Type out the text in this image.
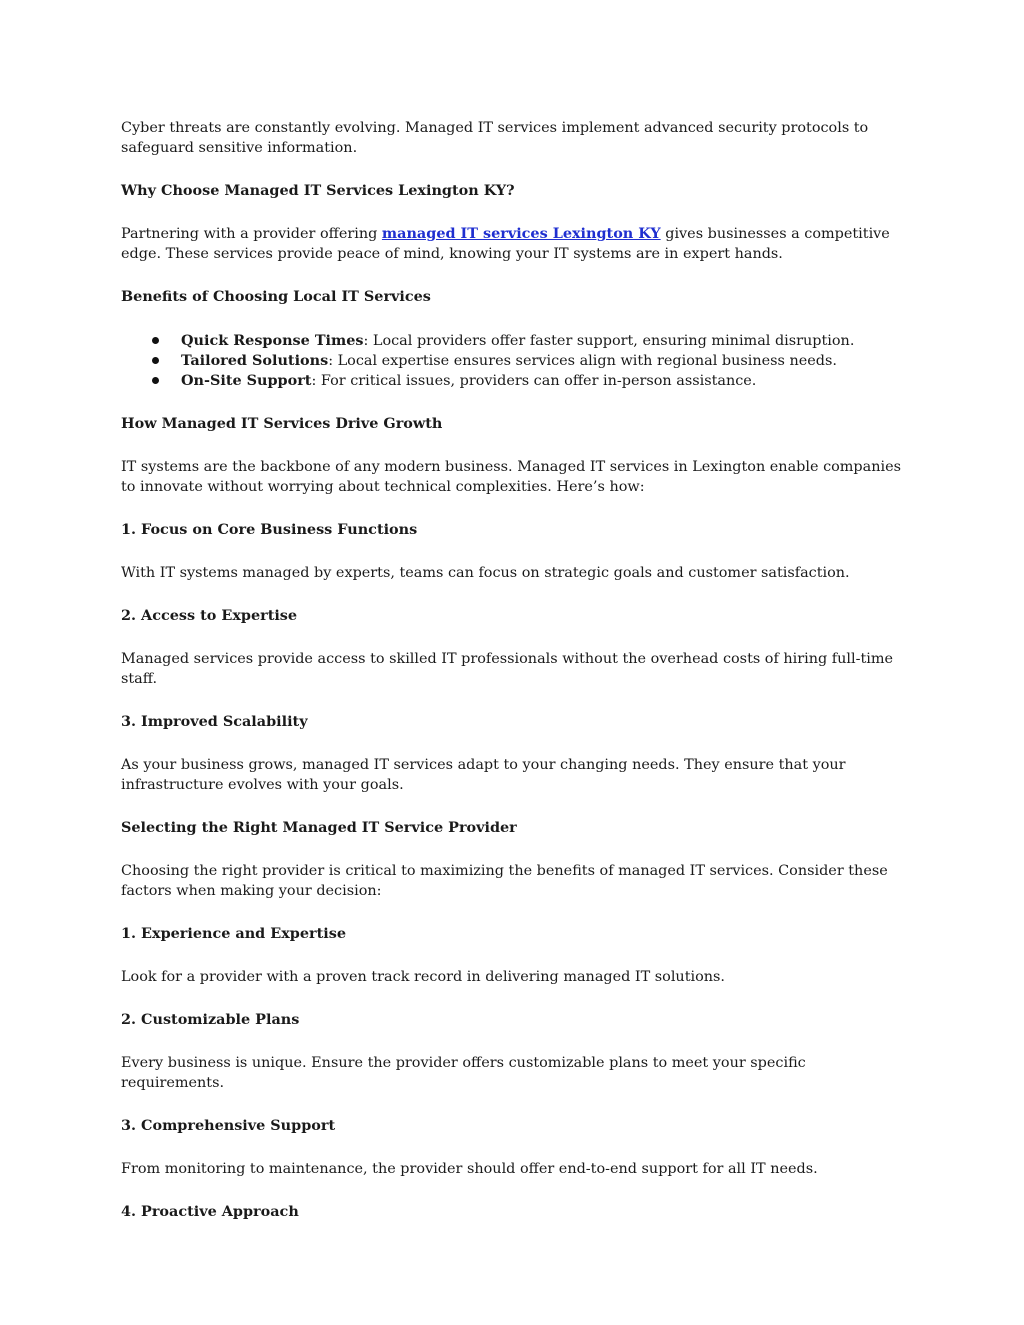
Cyber threats are constantly evolving. Managed IT services implement advanced security protocols to safeguard sensitive information.

Why Choose Managed IT Services Lexington KY?

Partnering with a provider offering managed IT services Lexington KY gives businesses a competitive edge. These services provide peace of mind, knowing your IT systems are in expert hands.

Benefits of Choosing Local IT Services

Quick Response Times: Local providers offer faster support, ensuring minimal disruption.
Tailored Solutions: Local expertise ensures services align with regional business needs.
On-Site Support: For critical issues, providers can offer in-person assistance.

How Managed IT Services Drive Growth

IT systems are the backbone of any modern business. Managed IT services in Lexington enable companies to innovate without worrying about technical complexities. Here’s how:

1. Focus on Core Business Functions

With IT systems managed by experts, teams can focus on strategic goals and customer satisfaction.

2. Access to Expertise

Managed services provide access to skilled IT professionals without the overhead costs of hiring full-time staff.

3. Improved Scalability

As your business grows, managed IT services adapt to your changing needs. They ensure that your infrastructure evolves with your goals.

Selecting the Right Managed IT Service Provider

Choosing the right provider is critical to maximizing the benefits of managed IT services. Consider these factors when making your decision:

1. Experience and Expertise

Look for a provider with a proven track record in delivering managed IT solutions.

2. Customizable Plans

Every business is unique. Ensure the provider offers customizable plans to meet your specific requirements.

3. Comprehensive Support

From monitoring to maintenance, the provider should offer end-to-end support for all IT needs.

4. Proactive Approach
